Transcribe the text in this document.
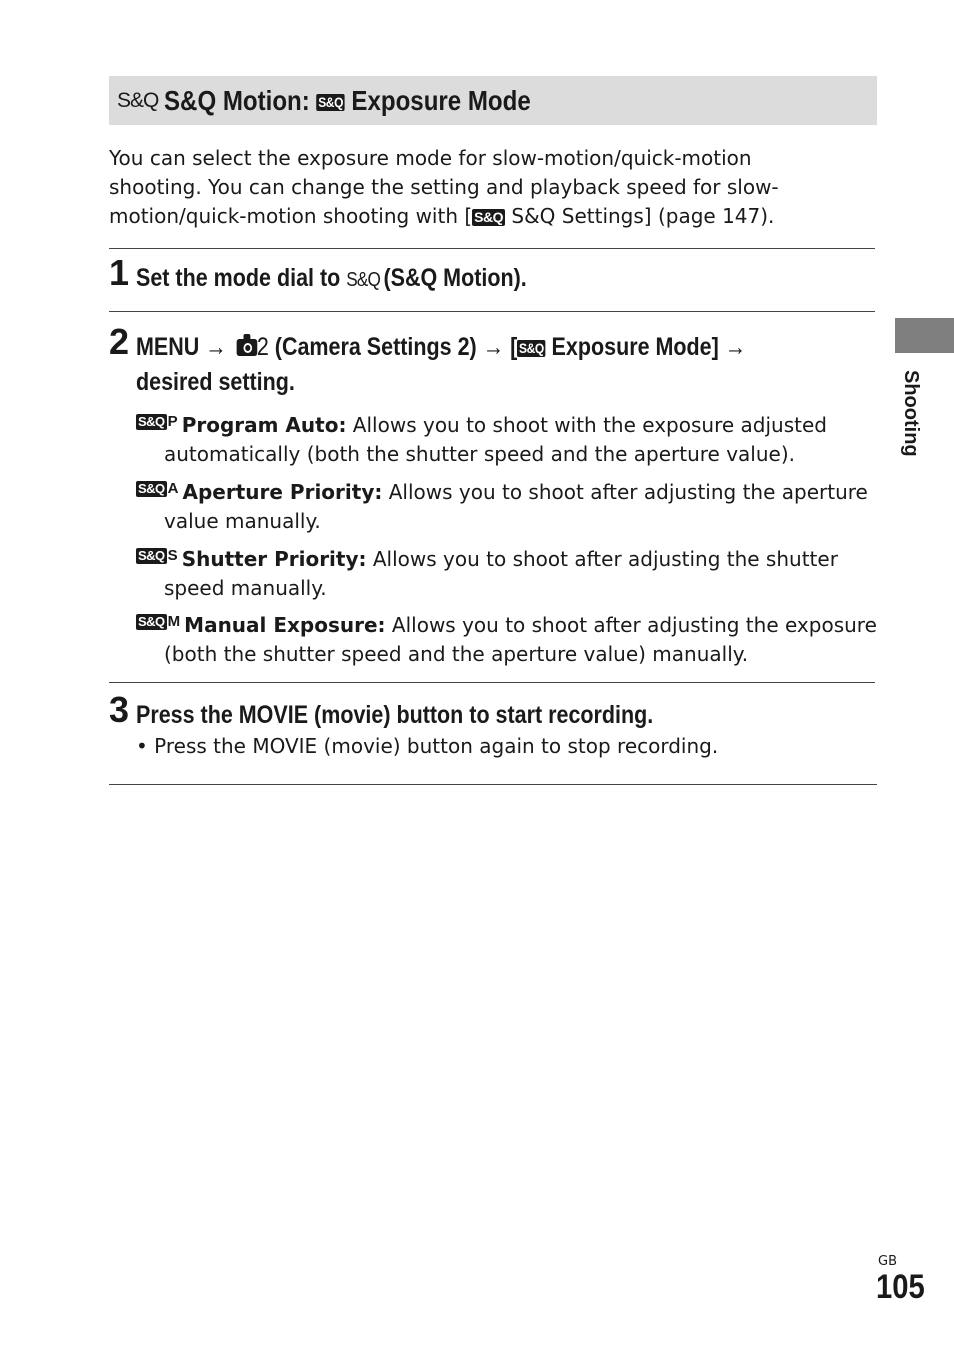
S&Q S&Q Motion: S&Q Exposure Mode

You can select the exposure mode for slow-motion/quick-motion shooting. You can change the setting and playback speed for slow-motion/quick-motion shooting with [ S&Q S&Q Settings] (page 147).

1 Set the mode dial to S&Q (S&Q Motion).
2 MENU → 2 (Camera Settings 2) → [ S&Q Exposure Mode] →
desired setting.

S&Q P Program Auto: Allows you to shoot with the exposure adjusted automatically (both the shutter speed and the aperture value).

S&Q A Aperture Priority: Allows you to shoot after adjusting the aperture value manually.

S&Q S Shutter Priority: Allows you to shoot after adjusting the shutter speed manually.

S&Q M Manual Exposure: Allows you to shoot after adjusting the exposure (both the shutter speed and the aperture value) manually.

3 Press the MOVIE (movie) button to start recording.
• Press the MOVIE (movie) button again to stop recording.
Shooting
GB
105
